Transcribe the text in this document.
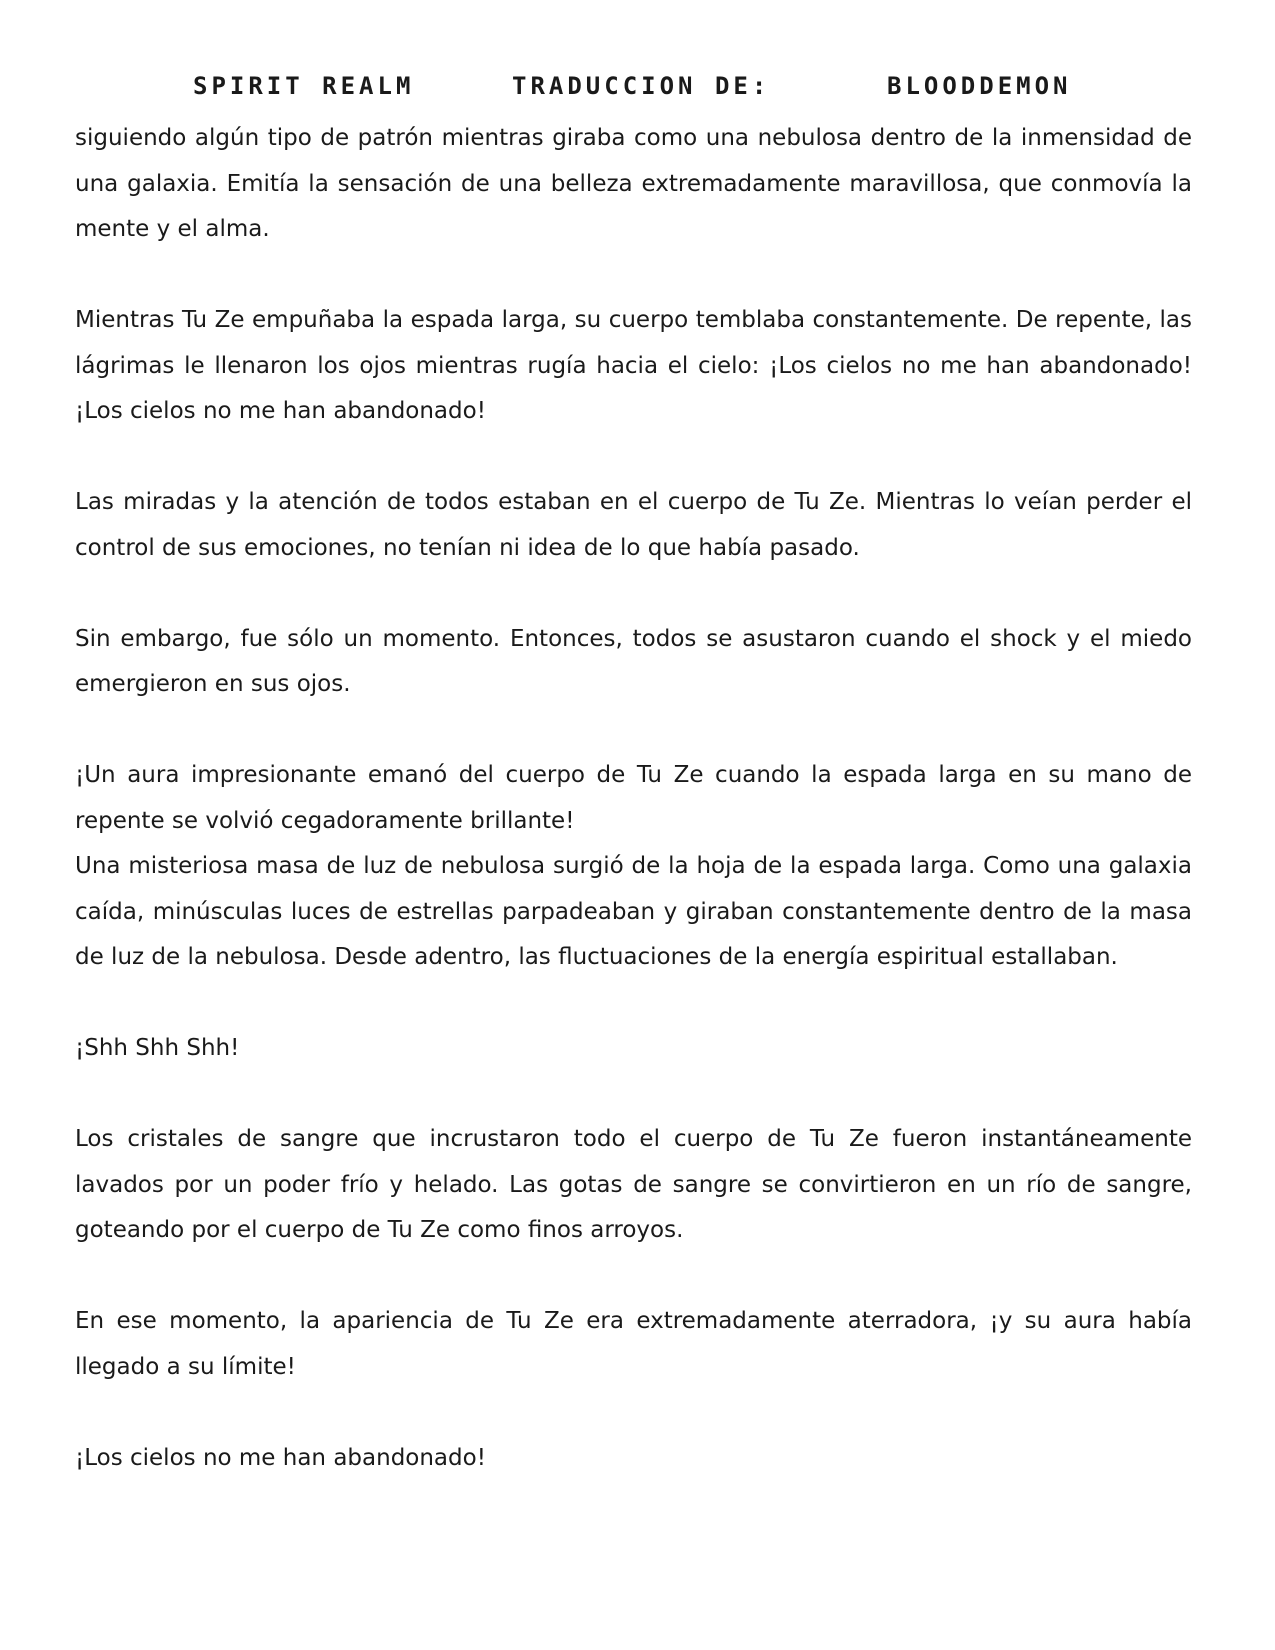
SPIRIT REALM	TRADUCCION DE:	BLOODDEMON

siguiendo algún tipo de patrón mientras giraba como una nebulosa dentro de la inmensidad de una galaxia. Emitía la sensación de una belleza extremadamente maravillosa, que conmovía la mente y el alma.

Mientras Tu Ze empuñaba la espada larga, su cuerpo temblaba constantemente. De repente, las lágrimas le llenaron los ojos mientras rugía hacia el cielo: ¡Los cielos no me han abandonado! ¡Los cielos no me han abandonado!

Las miradas y la atención de todos estaban en el cuerpo de Tu Ze. Mientras lo veían perder el control de sus emociones, no tenían ni idea de lo que había pasado.

Sin embargo, fue sólo un momento. Entonces, todos se asustaron cuando el shock y el miedo emergieron en sus ojos.

¡Un aura impresionante emanó del cuerpo de Tu Ze cuando la espada larga en su mano de repente se volvió cegadoramente brillante!

Una misteriosa masa de luz de nebulosa surgió de la hoja de la espada larga. Como una galaxia caída, minúsculas luces de estrellas parpadeaban y giraban constantemente dentro de la masa de luz de la nebulosa. Desde adentro, las fluctuaciones de la energía espiritual estallaban.

¡Shh Shh Shh!

Los cristales de sangre que incrustaron todo el cuerpo de Tu Ze fueron instantáneamente lavados por un poder frío y helado. Las gotas de sangre se convirtieron en un río de sangre, goteando por el cuerpo de Tu Ze como finos arroyos.

En ese momento, la apariencia de Tu Ze era extremadamente aterradora, ¡y su aura había llegado a su límite!

¡Los cielos no me han abandonado!
